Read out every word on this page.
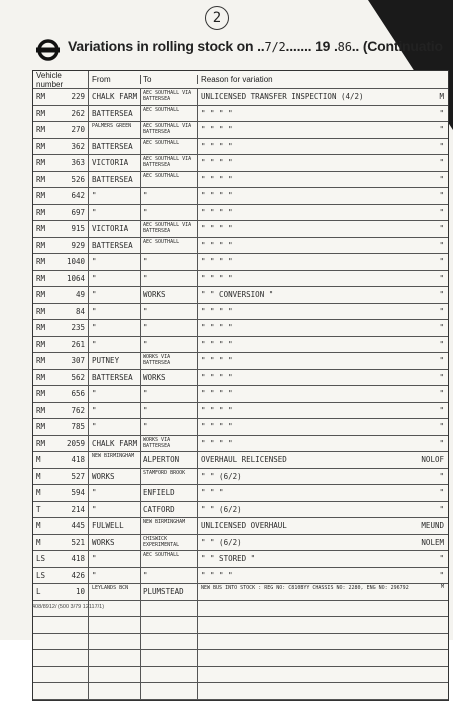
2
Variations in rolling stock on ..7/2....... 19 .86.. (Continuatio
Vehicle number	From	To	Reason for variation
RM	229 CHALK FARM	AEC SOUTHALL VIA BATTERSEA	UNLICENSED TRANSFER INSPECTION (4/2)	M
RM	262 BATTERSEA	AEC SOUTHALL	" " " "	"
RM	270	PALMERS GREEN	AEC SOUTHALL VIA BATTERSEA	" " " "	"
RM	362 BATTERSEA	AEC SOUTHALL	" " " "	"
RM	363 VICTORIA	AEC SOUTHALL VIA BATTERSEA	" " " "	"
RM	526 BATTERSEA	AEC SOUTHALL	" " " "	"
RM	642 "	"	" " " "	"
RM	697 "	"	" " " "	"
RM	915 VICTORIA	AEC SOUTHALL VIA BATTERSEA	" " " "	"
RM	929 BATTERSEA	AEC SOUTHALL	" " " "	"
RM	1040 "	"	" " " "	"
RM	1064 "	"	" " " "	"
RM	49 "	WORKS	" " CONVERSION "	"
RM	84 "	"	" " " "	"
RM	235 "	"	" " " "	"
RM	261 "	"	" " " "	"
RM	307 PUTNEY	WORKS VIA BATTERSEA	" " " "	"
RM	562 BATTERSEA	WORKS	" " " "	"
RM	656 "	"	" " " "	"
RM	762 "	"	" " " "	"
RM	785 "	"	" " " "	"
RM	2059 CHALK FARM	WORKS VIA BATTERSEA	" " " "	"
M	418	NEW BIRMINGHAM	ALPERTON	OVERHAUL RELICENSED	NOLOF
M	527 WORKS	STAMFORD BROOK	" " (6/2)	"
M	594 "	ENFIELD	" " "	"
T	214 "	CATFORD	" " (6/2)	"
M	445 FULWELL	NEW BIRMINGHAM	UNLICENSED OVERHAUL	MEUND
M	521 WORKS	CHISWICK EXPERIMENTAL	" " (6/2)	NOLEM
LS	418 "	AEC SOUTHALL	" " STORED "	"
LS	426 "	"	" " " "	"
L	10	LEYLANDS BCN	PLUMSTEAD	NEW BUS INTO STOCK : REG NO: C810BYY CHASSIS NO: 2280, ENG NO: 296792	M
408/8912/ (500 3/79 12117/1)
